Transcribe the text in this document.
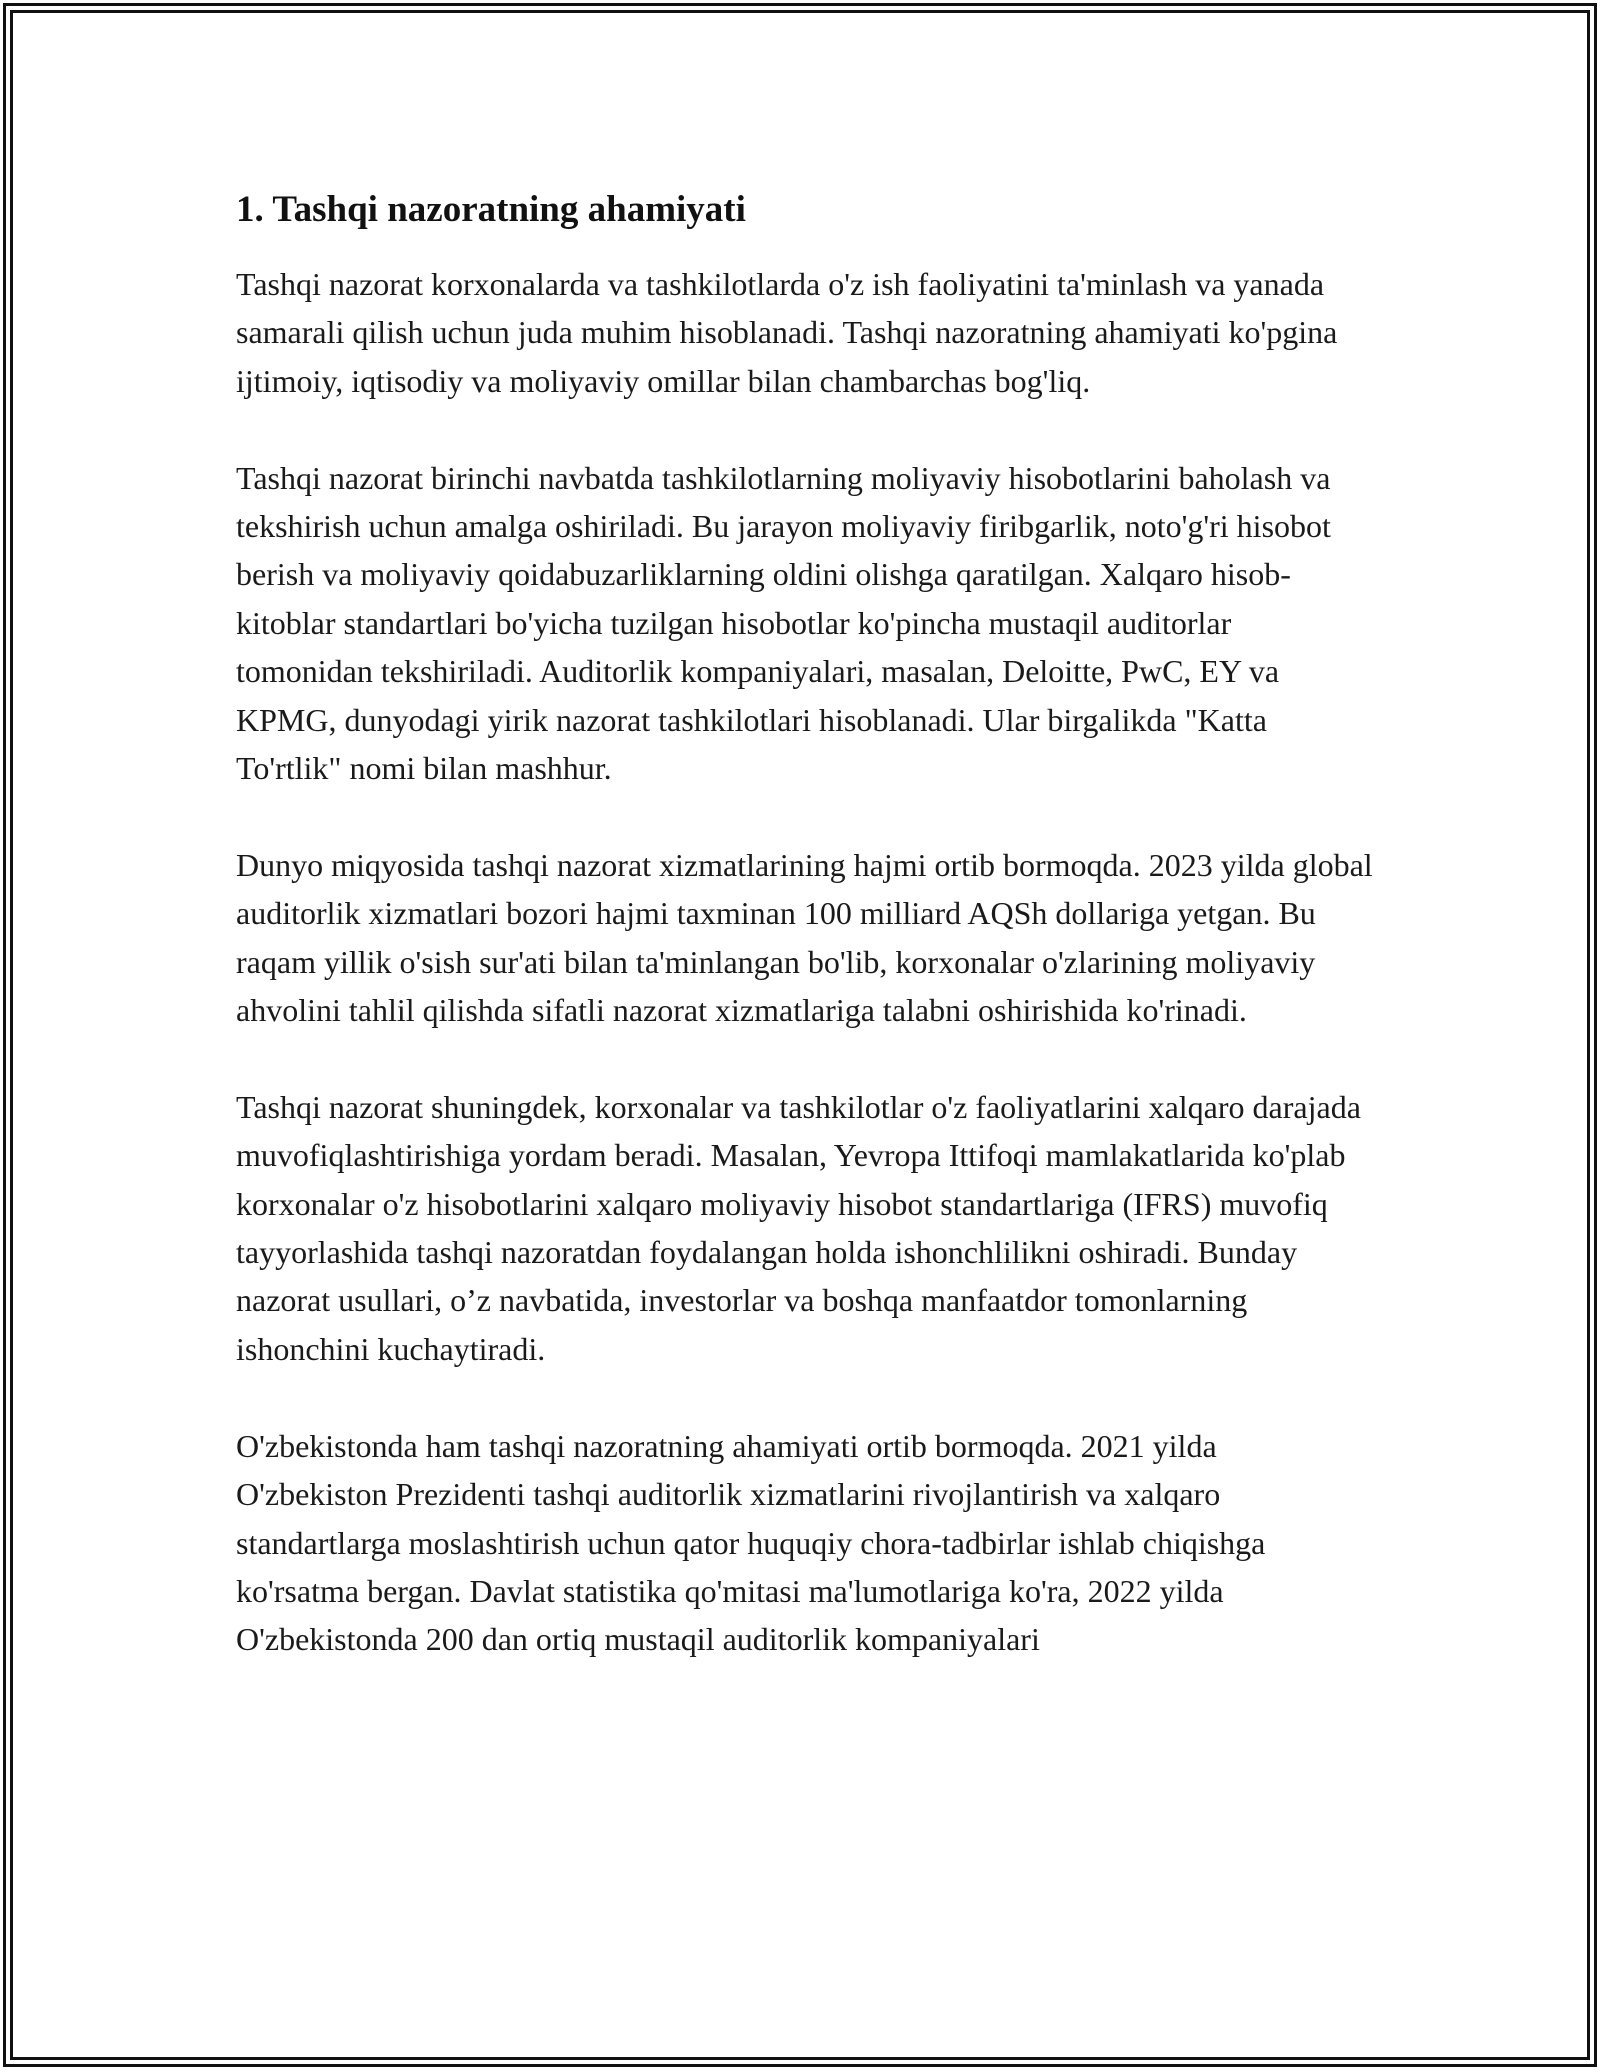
1. Tashqi nazoratning ahamiyati

Tashqi nazorat korxonalarda va tashkilotlarda o'z ish faoliyatini ta'minlash va yanada samarali qilish uchun juda muhim hisoblanadi. Tashqi nazoratning ahamiyati ko'pgina ijtimoiy, iqtisodiy va moliyaviy omillar bilan chambarchas bog'liq.

Tashqi nazorat birinchi navbatda tashkilotlarning moliyaviy hisobotlarini baholash va tekshirish uchun amalga oshiriladi. Bu jarayon moliyaviy firibgarlik, noto'g'ri hisobot berish va moliyaviy qoidabuzarliklarning oldini olishga qaratilgan. Xalqaro hisob-kitoblar standartlari bo'yicha tuzilgan hisobotlar ko'pincha mustaqil auditorlar tomonidan tekshiriladi. Auditorlik kompaniyalari, masalan, Deloitte, PwC, EY va KPMG, dunyodagi yirik nazorat tashkilotlari hisoblanadi. Ular birgalikda "Katta To'rtlik" nomi bilan mashhur.

Dunyo miqyosida tashqi nazorat xizmatlarining hajmi ortib bormoqda. 2023 yilda global auditorlik xizmatlari bozori hajmi taxminan 100 milliard AQSh dollariga yetgan. Bu raqam yillik o'sish sur'ati bilan ta'minlangan bo'lib, korxonalar o'zlarining moliyaviy ahvolini tahlil qilishda sifatli nazorat xizmatlariga talabni oshirishida ko'rinadi.

Tashqi nazorat shuningdek, korxonalar va tashkilotlar o'z faoliyatlarini xalqaro darajada muvofiqlashtirishiga yordam beradi. Masalan, Yevropa Ittifoqi mamlakatlarida ko'plab korxonalar o'z hisobotlarini xalqaro moliyaviy hisobot standartlariga (IFRS) muvofiq tayyorlashida tashqi nazoratdan foydalangan holda ishonchlilikni oshiradi. Bunday nazorat usullari, o’z navbatida, investorlar va boshqa manfaatdor tomonlarning ishonchini kuchaytiradi.

O'zbekistonda ham tashqi nazoratning ahamiyati ortib bormoqda. 2021 yilda O'zbekiston Prezidenti tashqi auditorlik xizmatlarini rivojlantirish va xalqaro standartlarga moslashtirish uchun qator huquqiy chora-tadbirlar ishlab chiqishga ko'rsatma bergan. Davlat statistika qo'mitasi ma'lumotlariga ko'ra, 2022 yilda O'zbekistonda 200 dan ortiq mustaqil auditorlik kompaniyalari
